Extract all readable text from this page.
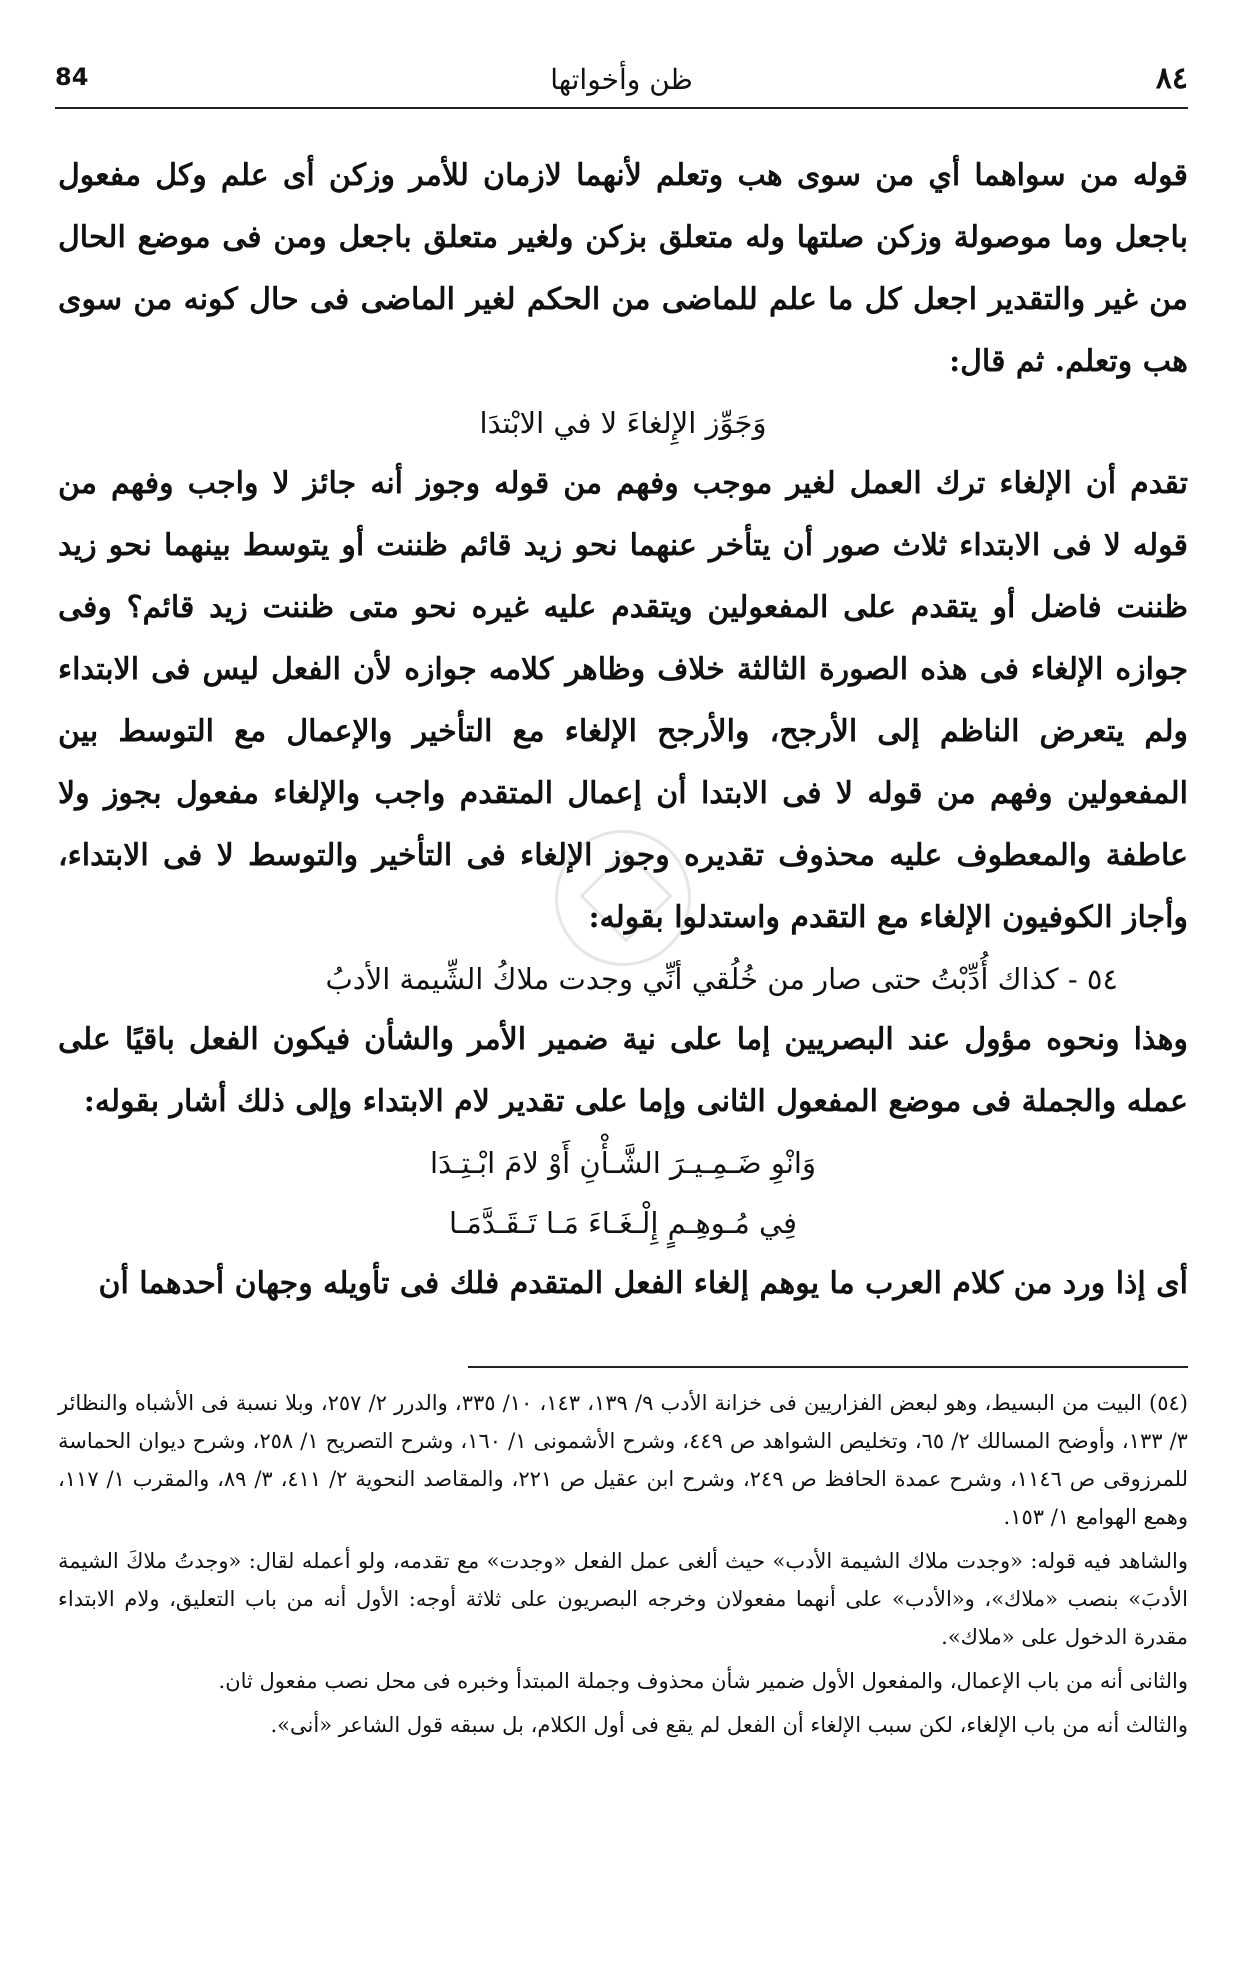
84	ظن وأخواتها	٨٤

قوله من سواهما أي من سوى هب وتعلم لأنهما لازمان للأمر وزكن أى علم وكل مفعول باجعل وما موصولة وزكن صلتها وله متعلق بزكن ولغير متعلق باجعل ومن فى موضع الحال من غير والتقدير اجعل كل ما علم للماضى من الحكم لغير الماضى فى حال كونه من سوى هب وتعلم. ثم قال:

وَجَوِّز الإِلغاءَ لا في الابْتدَا

تقدم أن الإلغاء ترك العمل لغير موجب وفهم من قوله وجوز أنه جائز لا واجب وفهم من قوله لا فى الابتداء ثلاث صور أن يتأخر عنهما نحو زيد قائم ظننت أو يتوسط بينهما نحو زيد ظننت فاضل أو يتقدم على المفعولين ويتقدم عليه غيره نحو متى ظننت زيد قائم؟ وفى جوازه الإلغاء فى هذه الصورة الثالثة خلاف وظاهر كلامه جوازه لأن الفعل ليس فى الابتداء ولم يتعرض الناظم إلى الأرجح، والأرجح الإلغاء مع التأخير والإعمال مع التوسط بين المفعولين وفهم من قوله لا فى الابتدا أن إعمال المتقدم واجب والإلغاء مفعول بجوز ولا عاطفة والمعطوف عليه محذوف تقديره وجوز الإلغاء فى التأخير والتوسط لا فى الابتداء، وأجاز الكوفيون الإلغاء مع التقدم واستدلوا بقوله:

٥٤ - كذاك أُدِّبْتُ حتى صار من خُلُقي أنِّي وجدت ملاكُ الشِّيمة الأدبُ

وهذا ونحوه مؤول عند البصريين إما على نية ضمير الأمر والشأن فيكون الفعل باقيًا على عمله والجملة فى موضع المفعول الثانى وإما على تقدير لام الابتداء وإلى ذلك أشار بقوله:

وَانْوِ ضَـمِـيـرَ الشَّـأْنِ أَوْ لامَ ابْـتِـدَا

فِي مُـوهِـمٍ إِلْـغَـاءَ مَـا تَـقَـدَّمَـا

أى إذا ورد من كلام العرب ما يوهم إلغاء الفعل المتقدم فلك فى تأويله وجهان أحدهما أن

(٥٤) البيت من البسيط، وهو لبعض الفزاريين فى خزانة الأدب ٩/ ١٣٩، ١٤٣، ١٠/ ٣٣٥، والدرر ٢/ ٢٥٧، وبلا نسبة فى الأشباه والنظائر ٣/ ١٣٣، وأوضح المسالك ٢/ ٦٥، وتخليص الشواهد ص ٤٤٩، وشرح الأشمونى ١/ ١٦٠، وشرح التصريح ١/ ٢٥٨، وشرح ديوان الحماسة للمرزوقى ص ١١٤٦، وشرح عمدة الحافظ ص ٢٤٩، وشرح ابن عقيل ص ٢٢١، والمقاصد النحوية ٢/ ٤١١، ٣/ ٨٩، والمقرب ١/ ١١٧، وهمع الهوامع ١/ ١٥٣.

والشاهد فيه قوله: «وجدت ملاك الشيمة الأدب» حيث ألغى عمل الفعل «وجدت» مع تقدمه، ولو أعمله لقال: «وجدتُ ملاكَ الشيمة الأدبَ» بنصب «ملاك»، و«الأدب» على أنهما مفعولان وخرجه البصريون على ثلاثة أوجه: الأول أنه من باب التعليق، ولام الابتداء مقدرة الدخول على «ملاك».

والثانى أنه من باب الإعمال، والمفعول الأول ضمير شأن محذوف وجملة المبتدأ وخبره فى محل نصب مفعول ثان.

والثالث أنه من باب الإلغاء، لكن سبب الإلغاء أن الفعل لم يقع فى أول الكلام، بل سبقه قول الشاعر «أنى».
